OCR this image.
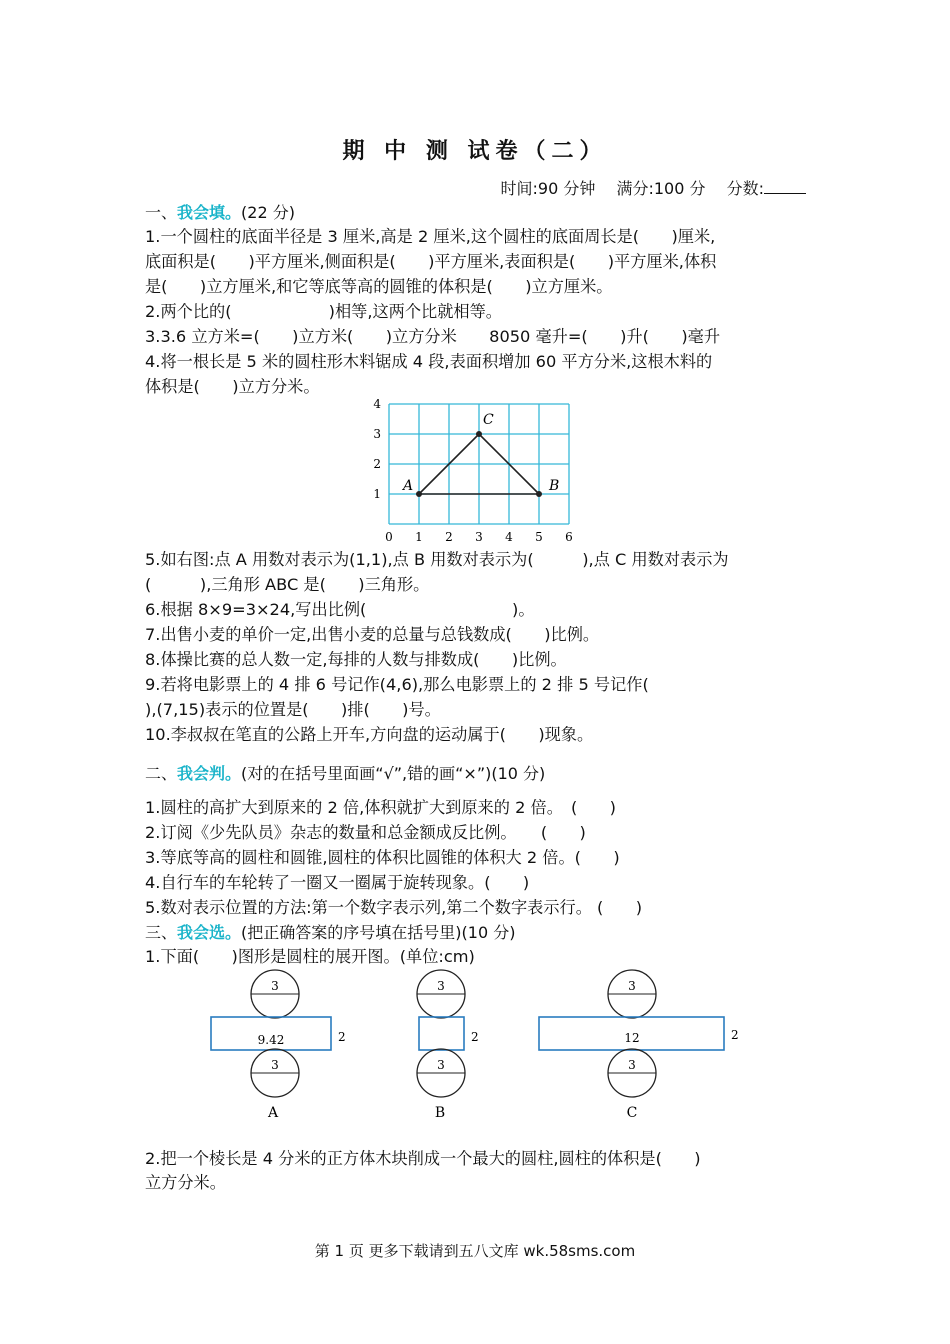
期 中 测 试卷（二）
时间:90 分钟 满分:100 分 分数:
一、我会填。(22 分)
1.一个圆柱的底面半径是 3 厘米,高是 2 厘米,这个圆柱的底面周长是(　　)厘米,
底面积是(　　)平方厘米,侧面积是(　　)平方厘米,表面积是(　　)平方厘米,体积
是(　　)立方厘米,和它等底等高的圆锥的体积是(　　)立方厘米。
2.两个比的(　　　　　　)相等,这两个比就相等。
3.3.6 立方米=(　　)立方米(　　)立方分米　　8050 毫升=(　　)升(　　)毫升
4.将一根长是 5 米的圆柱形木料锯成 4 段,表面积增加 60 平方分米,这根木料的
体积是(　　)立方分米。
0 1 2 3 4 5 6
1
2
3
4
A	B
C
5.如右图:点 A 用数对表示为(1,1),点 B 用数对表示为(　　　),点 C 用数对表示为
(　　　),三角形 ABC 是(　　)三角形。
6.根据 8×9=3×24,写出比例(　　　　　　　　　)。
7.出售小麦的单价一定,出售小麦的总量与总钱数成(　　)比例。
8.体操比赛的总人数一定,每排的人数与排数成(　　)比例。
9.若将电影票上的 4 排 6 号记作(4,6),那么电影票上的 2 排 5 号记作(
),(7,15)表示的位置是(　　)排(　　)号。
10.李叔叔在笔直的公路上开车,方向盘的运动属于(　　)现象。
二、我会判。(对的在括号里面画“√”,错的画“×”)(10 分)
1.圆柱的高扩大到原来的 2 倍,体积就扩大到原来的 2 倍。　(　　)
2.订阅《少先队员》杂志的数量和总金额成反比例。　　(　　)
3.等底等高的圆柱和圆锥,圆柱的体积比圆锥的体积大 2 倍。(　　)
4.自行车的车轮转了一圈又一圈属于旋转现象。(　　)
5.数对表示位置的方法:第一个数字表示列,第二个数字表示行。 (　　)
三、我会选。(把正确答案的序号填在括号里)(10 分)
1.下面(　　)图形是圆柱的展开图。(单位:cm)
3
9.42	2
3
A
3
2
3
B
3
12	2
3
C
2.把一个棱长是 4 分米的正方体木块削成一个最大的圆柱,圆柱的体积是(　　)
立方分米。
第 1 页 更多下载请到五八文库 wk.58sms.com
